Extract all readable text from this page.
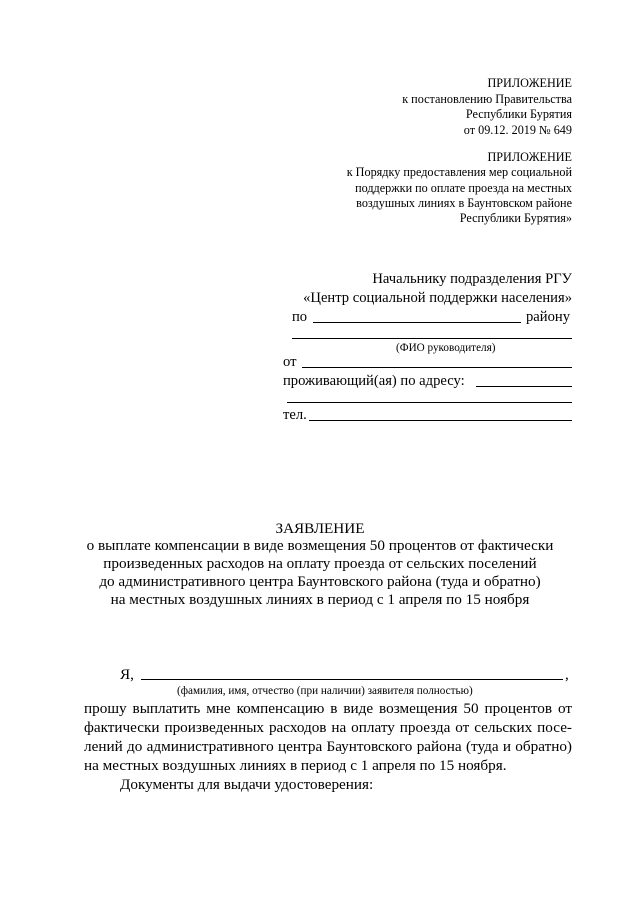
ПРИЛОЖЕНИЕ
к постановлению Правительства
Республики Бурятия
от 09.12. 2019 № 649
ПРИЛОЖЕНИЕ
к Порядку предоставления мер социальной
поддержки по оплате проезда на местных
воздушных линиях в Баунтовском районе
Республики Бурятия»
Начальнику подразделения РГУ
«Центр социальной поддержки населения»
по	району
(ФИО руководителя)
от
проживающий(ая) по адресу:
тел.
ЗАЯВЛЕНИЕ
о выплате компенсации в виде возмещения 50 процентов от фактически
произведенных расходов на оплату проезда от сельских поселений
до административного центра Баунтовского района (туда и обратно)
на местных воздушных линиях в период с 1 апреля по 15 ноября
Я,	,
(фамилия, имя, отчество (при наличии) заявителя полностью)
прошу выплатить мне компенсацию в виде возмещения 50 процентов от
фактически произведенных расходов на оплату проезда от сельских посе-
лений до административного центра Баунтовского района (туда и обратно)
на местных воздушных линиях в период с 1 апреля по 15 ноября.
Документы для выдачи удостоверения:
